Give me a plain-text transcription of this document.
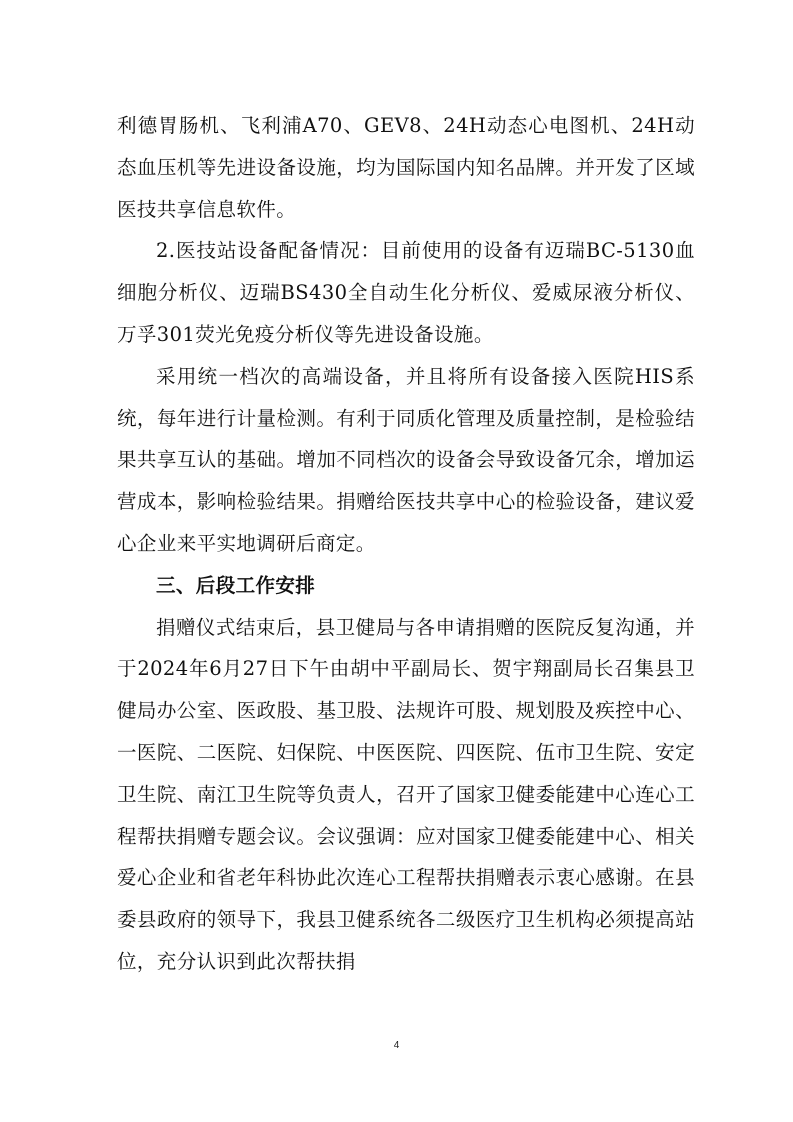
利德胃肠机、飞利浦A70、GEV8、24H动态心电图机、24H动态血压机等先进设备设施，均为国际国内知名品牌。并开发了区域医技共享信息软件。

2.医技站设备配备情况：目前使用的设备有迈瑞BC-5130血细胞分析仪、迈瑞BS430全自动生化分析仪、爱威尿液分析仪、万孚301荧光免疫分析仪等先进设备设施。

采用统一档次的高端设备，并且将所有设备接入医院HIS系统，每年进行计量检测。有利于同质化管理及质量控制，是检验结果共享互认的基础。增加不同档次的设备会导致设备冗余，增加运营成本，影响检验结果。捐赠给医技共享中心的检验设备，建议爱心企业来平实地调研后商定。

三、后段工作安排

捐赠仪式结束后，县卫健局与各申请捐赠的医院反复沟通，并于2024年6月27日下午由胡中平副局长、贺宇翔副局长召集县卫健局办公室、医政股、基卫股、法规许可股、规划股及疾控中心、一医院、二医院、妇保院、中医医院、四医院、伍市卫生院、安定卫生院、南江卫生院等负责人，召开了国家卫健委能建中心连心工程帮扶捐赠专题会议。会议强调：应对国家卫健委能建中心、相关爱心企业和省老年科协此次连心工程帮扶捐赠表示衷心感谢。在县委县政府的领导下，我县卫健系统各二级医疗卫生机构必须提高站位，充分认识到此次帮扶捐

4
